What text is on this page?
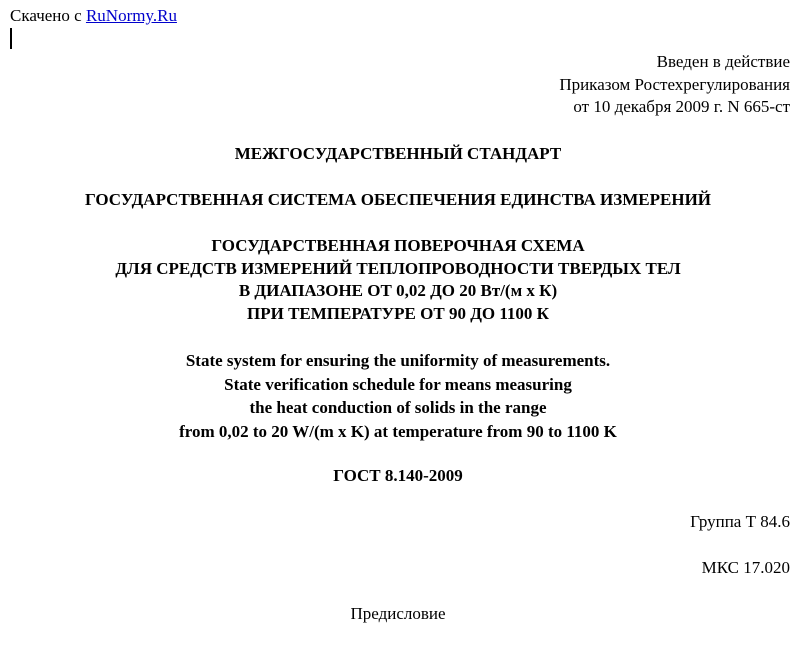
Скачено с RuNormy.Ru
Введен в действие
Приказом Ростехрегулирования
от 10 декабря 2009 г. N 665-ст
МЕЖГОСУДАРСТВЕННЫЙ СТАНДАРТ
ГОСУДАРСТВЕННАЯ СИСТЕМА ОБЕСПЕЧЕНИЯ ЕДИНСТВА ИЗМЕРЕНИЙ
ГОСУДАРСТВЕННАЯ ПОВЕРОЧНАЯ СХЕМА
ДЛЯ СРЕДСТВ ИЗМЕРЕНИЙ ТЕПЛОПРОВОДНОСТИ ТВЕРДЫХ ТЕЛ
В ДИАПАЗОНЕ ОТ 0,02 ДО 20 Вт/(м х К)
ПРИ ТЕМПЕРАТУРЕ ОТ 90 ДО 1100 К
State system for ensuring the uniformity of measurements.
State verification schedule for means measuring
the heat conduction of solids in the range
from 0,02 to 20 W/(m x K) at temperature from 90 to 1100 K
ГОСТ 8.140-2009
Группа Т 84.6
МКС 17.020
Предисловие
